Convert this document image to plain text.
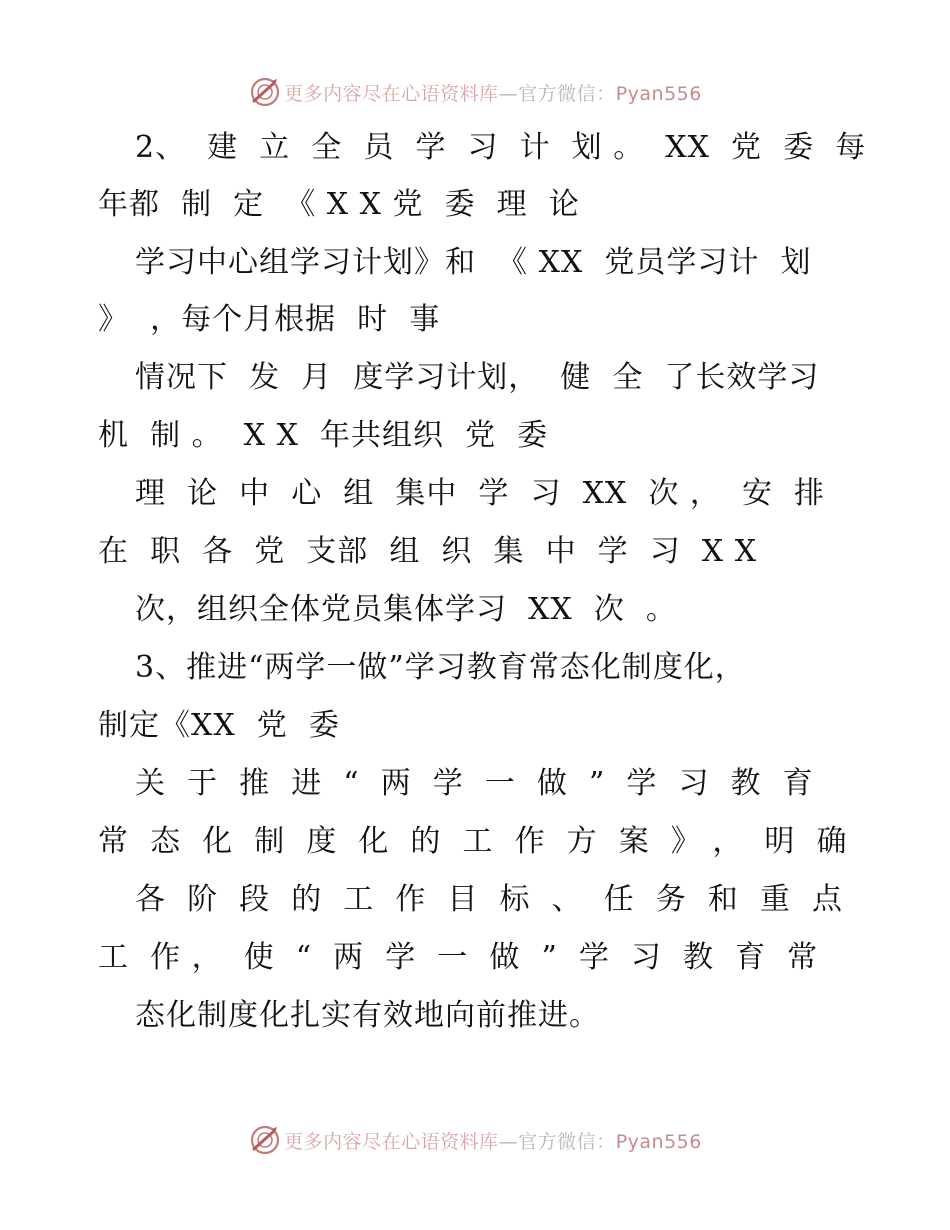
更多内容尽在心语资料库—官方微信：Pyan556
2、  建  立  全  员  学  习  计  划 。  XX  党  委  每
年都  制  定  《 X X 党  委  理  论
学习中心组学习计划》和  《 XX  党员学习计  划
》  ，每个月根据  时  事
情况下  发  月  度学习计划，  健  全  了长效学习
机  制 。  X X  年共组织  党  委
理  论  中  心  组  集中  学  习  XX  次 ，  安  排
在  职  各  党  支部  组  织  集  中  学  习  X X
次，组织全体党员集体学习  XX  次  。
3、推进“两学一做”学习教育常态化制度化，
制定《XX  党  委
关  于  推  进  “  两  学  一  做  ”  学  习  教  育
常  态  化  制  度  化  的  工  作  方  案  》 ，  明  确
各  阶  段  的  工  作  目  标  、  任  务  和  重  点
工  作 ，  使  “  两  学  一  做  ”  学  习  教  育  常
态化制度化扎实有效地向前推进。
更多内容尽在心语资料库—官方微信：Pyan556
